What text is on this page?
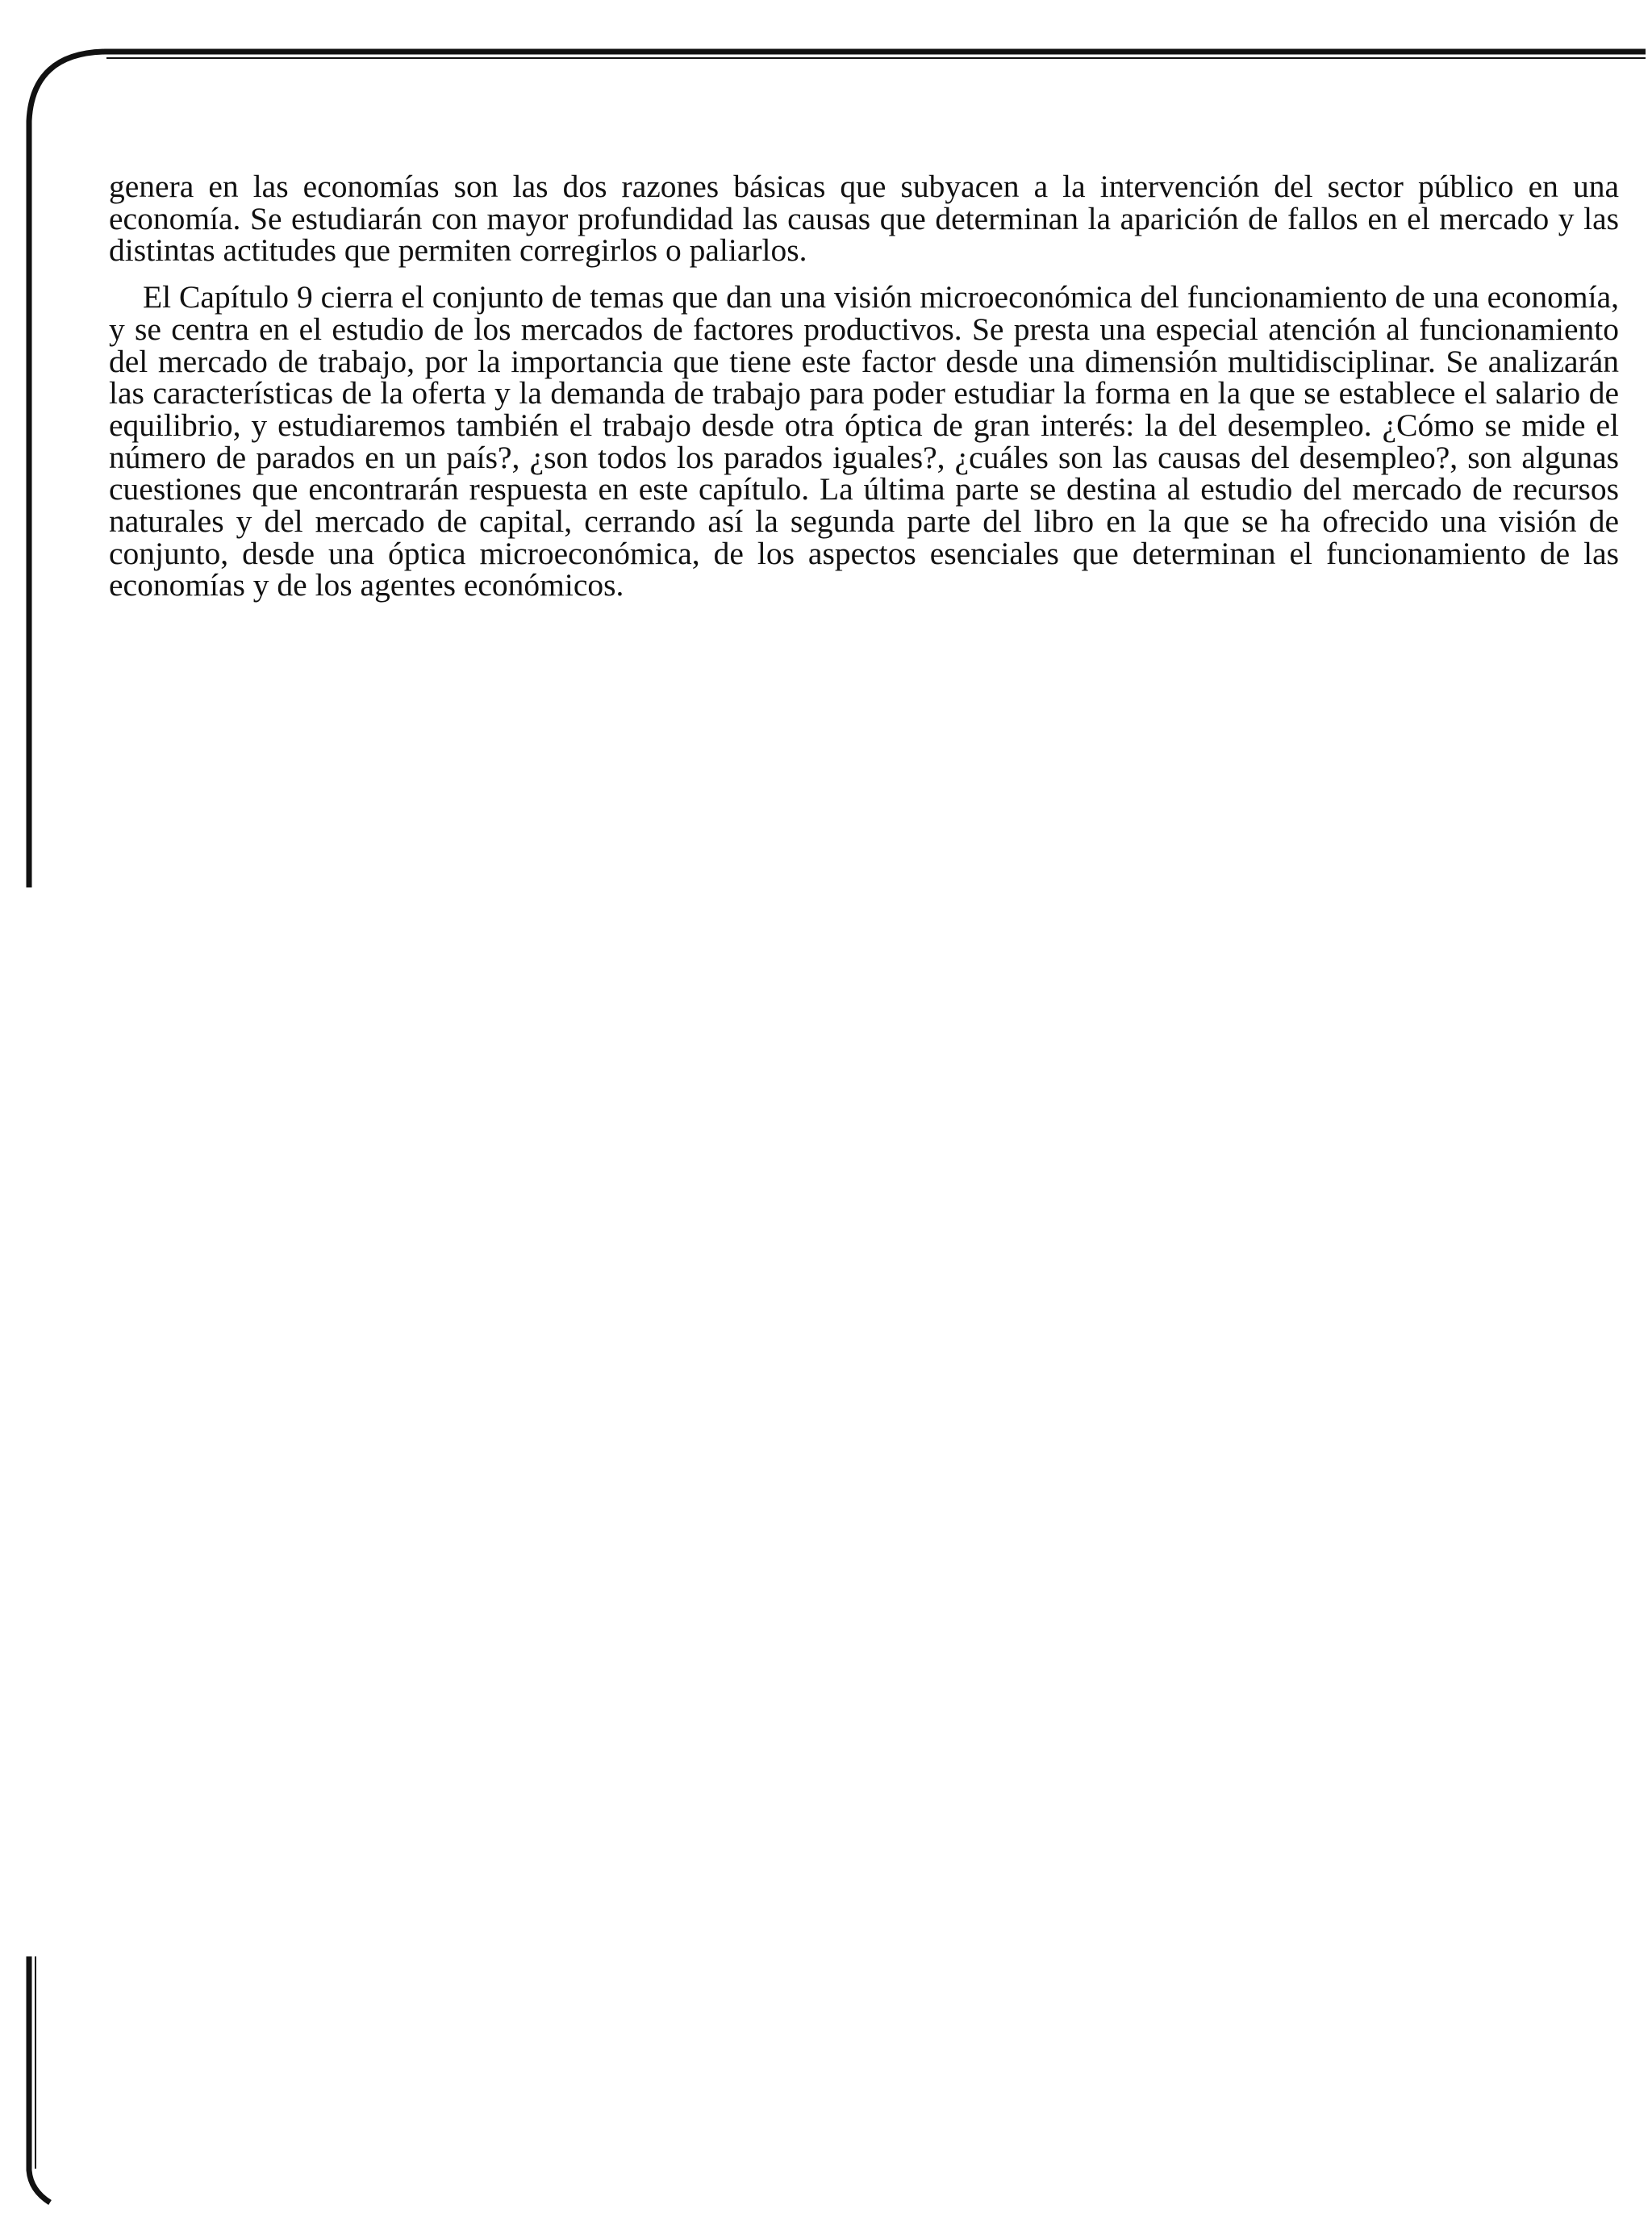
genera en las economías son las dos razones básicas que subyacen a la intervención del sector público en una economía. Se estudiarán con mayor profundidad las causas que determinan la aparición de fallos en el mercado y las distintas actitudes que permiten corregirlos o paliarlos.

El Capítulo 9 cierra el conjunto de temas que dan una visión microeconómica del funcionamiento de una economía, y se centra en el estudio de los mercados de factores productivos. Se presta una especial atención al funcionamiento del mercado de trabajo, por la importancia que tiene este factor desde una dimensión multidisciplinar. Se analizarán las características de la oferta y la demanda de trabajo para poder estudiar la forma en la que se establece el salario de equilibrio, y estudiaremos también el trabajo desde otra óptica de gran interés: la del desempleo. ¿Cómo se mide el número de parados en un país?, ¿son todos los parados iguales?, ¿cuáles son las causas del desempleo?, son algunas cuestiones que encontrarán respuesta en este capítulo. La última parte se destina al estudio del mercado de recursos naturales y del mercado de capital, cerrando así la segunda parte del libro en la que se ha ofrecido una visión de conjunto, desde una óptica microeconómica, de los aspectos esenciales que determinan el funcionamiento de las economías y de los agentes económicos.
